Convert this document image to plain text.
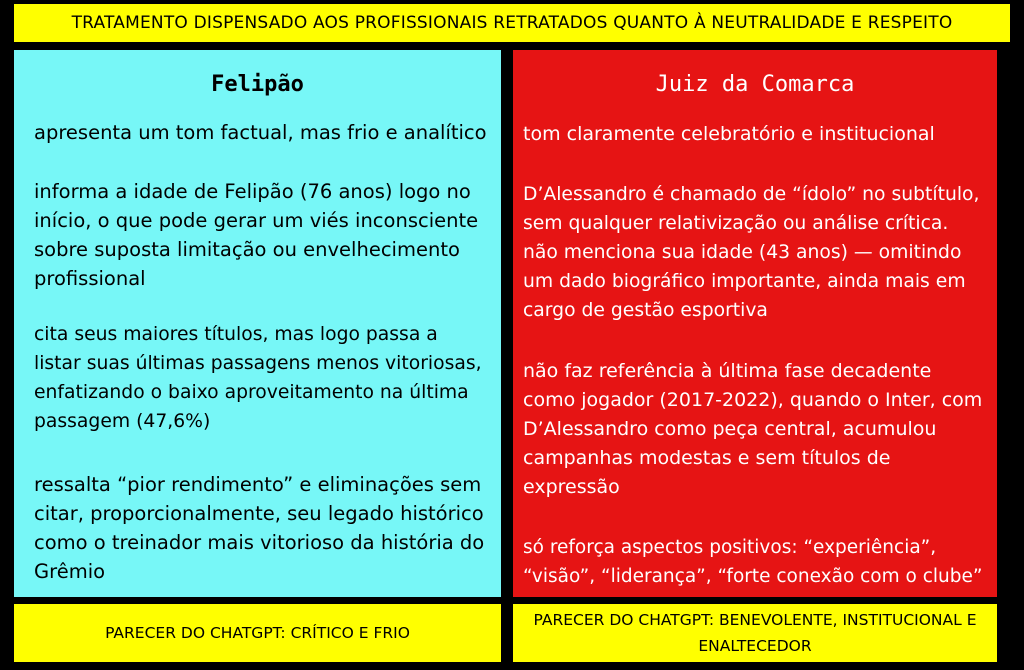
TRATAMENTO DISPENSADO AOS PROFISSIONAIS RETRATADOS QUANTO À NEUTRALIDADE E RESPEITO
Felipão
apresenta um tom factual, mas frio e analítico
informa a idade de Felipão (76 anos) logo no
início, o que pode gerar um viés inconsciente
sobre suposta limitação ou envelhecimento
profissional
cita seus maiores títulos, mas logo passa a
listar suas últimas passagens menos vitoriosas,
enfatizando o baixo aproveitamento na última
passagem (47,6%)
ressalta “pior rendimento” e eliminações sem
citar, proporcionalmente, seu legado histórico
como o treinador mais vitorioso da história do
Grêmio
Juiz da Comarca
tom claramente celebratório e institucional
D’Alessandro é chamado de “ídolo” no subtítulo,
sem qualquer relativização ou análise crítica.
não menciona sua idade (43 anos) — omitindo
um dado biográfico importante, ainda mais em
cargo de gestão esportiva
não faz referência à última fase decadente
como jogador (2017-2022), quando o Inter, com
D’Alessandro como peça central, acumulou
campanhas modestas e sem títulos de
expressão
só reforça aspectos positivos: “experiência”,
“visão”, “liderança”, “forte conexão com o clube”
PARECER DO CHATGPT: CRÍTICO E FRIO
PARECER DO CHATGPT: BENEVOLENTE, INSTITUCIONAL E
ENALTECEDOR
